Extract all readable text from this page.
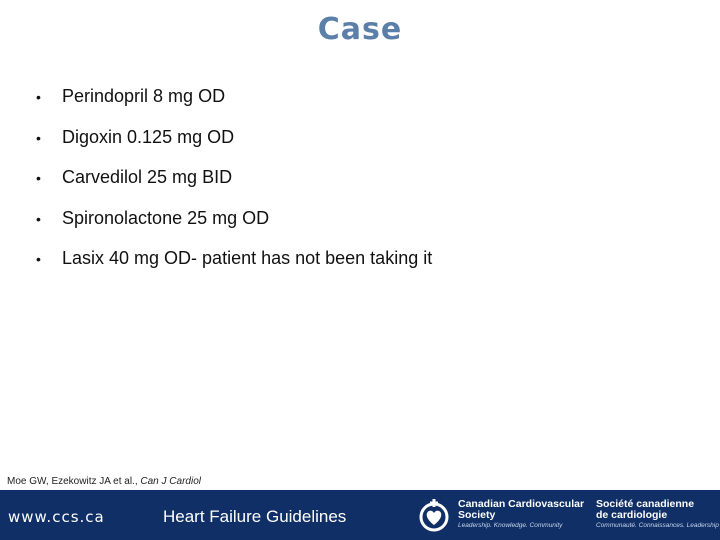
Case
•	Perindopril 8 mg OD
•	Digoxin 0.125 mg OD
•	Carvedilol 25 mg BID
•	Spironolactone 25 mg OD
•	Lasix 40 mg OD- patient has not been taking it
Moe GW, Ezekowitz JA et al., Can J Cardiol
www.ccs.ca	Heart Failure Guidelines
Canadian Cardiovascular
Society
Leadership. Knowledge. Community
Société canadienne
de cardiologie
Communauté. Connaissances. Leadership
